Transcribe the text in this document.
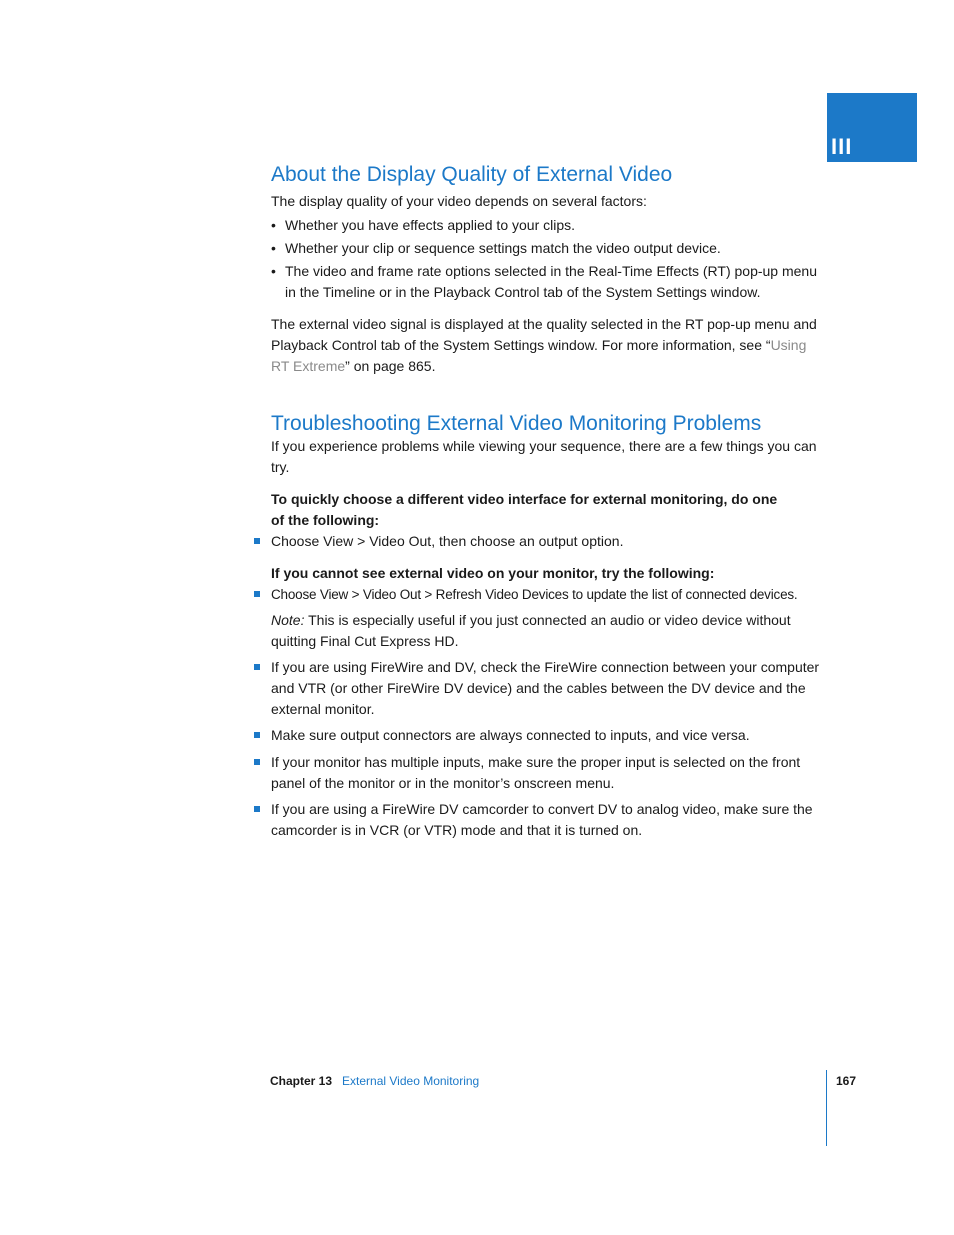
III
About the Display Quality of External Video

The display quality of your video depends on several factors:

• Whether you have effects applied to your clips.
• Whether your clip or sequence settings match the video output device.
• The video and frame rate options selected in the Real-Time Effects (RT) pop-up menu in the Timeline or in the Playback Control tab of the System Settings window.

The external video signal is displayed at the quality selected in the RT pop-up menu and Playback Control tab of the System Settings window. For more information, see “Using RT Extreme” on page 865.

Troubleshooting External Video Monitoring Problems

If you experience problems while viewing your sequence, there are a few things you can try.

To quickly choose a different video interface for external monitoring, do one of the following:

Choose View > Video Out, then choose an output option.

If you cannot see external video on your monitor, try the following:

Choose View > Video Out > Refresh Video Devices to update the list of connected devices.

Note: This is especially useful if you just connected an audio or video device without quitting Final Cut Express HD.

If you are using FireWire and DV, check the FireWire connection between your computer and VTR (or other FireWire DV device) and the cables between the DV device and the external monitor.
Make sure output connectors are always connected to inputs, and vice versa.
If your monitor has multiple inputs, make sure the proper input is selected on the front panel of the monitor or in the monitor’s onscreen menu.
If you are using a FireWire DV camcorder to convert DV to analog video, make sure the camcorder is in VCR (or VTR) mode and that it is turned on.
Chapter 13 External Video Monitoring	167
